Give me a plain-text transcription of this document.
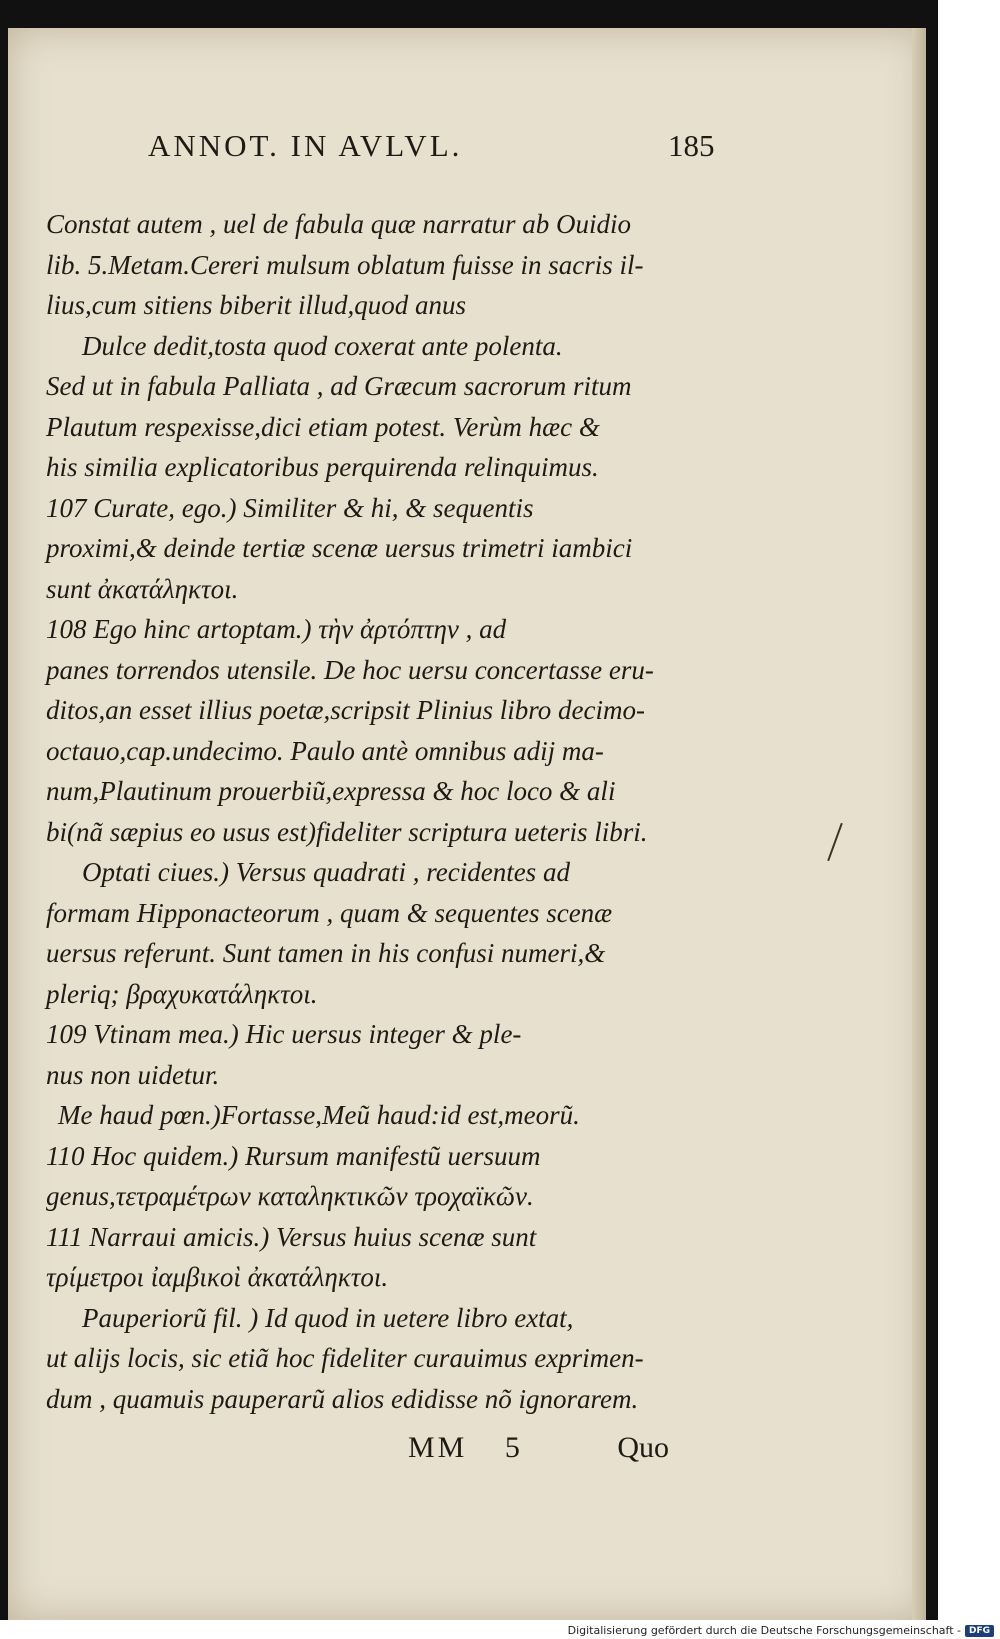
ANNOT. IN AVLVL.	185
Constat autem , uel de fabula quæ narratur ab Ouidio
lib. 5.Metam.Cereri mulsum oblatum fuisse in sacris il-
lius,cum sitiens biberit illud,quod anus
Dulce dedit,tosta quod coxerat ante polenta.
Sed ut in fabula Palliata , ad Græcum sacrorum ritum
Plautum respexisse,dici etiam potest. Verùm hæc &
his similia explicatoribus perquirenda relinquimus.
107 Curate, ego.) Similiter & hi, & sequentis
proximi,& deinde tertiæ scenæ uersus trimetri iambici
sunt ἀκατάληκτοι.
108 Ego hinc artoptam.) τὴν ἀρτόπτην , ad
panes torrendos utensile. De hoc uersu concertasse eru-
ditos,an esset illius poetæ,scripsit Plinius libro decimo-
octauo,cap.undecimo. Paulo antè omnibus adij ma-
num,Plautinum prouerbiũ,expressa & hoc loco & ali
bi(nã sæpius eo usus est)fideliter scriptura ueteris libri.
Optati ciues.) Versus quadrati , recidentes ad
formam Hipponacteorum , quam & sequentes scenæ
uersus referunt. Sunt tamen in his confusi numeri,&
pleriq; βραχυκατάληκτοι.
109 Vtinam mea.) Hic uersus integer & ple-
nus non uidetur.
Me haud pœn.)Fortasse,Meũ haud:id est,meorũ.
110 Hoc quidem.) Rursum manifestũ uersuum
genus,τετραμέτρων καταληκτικῶν τροχαϊκῶν.
111 Narraui amicis.) Versus huius scenæ sunt
τρίμετροι ἰαμβικοὶ ἀκατάληκτοι.
Pauperiorũ fil. ) Id quod in uetere libro extat,
ut alijs locis, sic etiã hoc fideliter curauimus exprimen-
dum , quamuis pauperarũ alios edidisse nõ ignorarem.
MM 5	Quo
Digitalisierung gefördert durch die Deutsche Forschungsgemeinschaft - DFG
